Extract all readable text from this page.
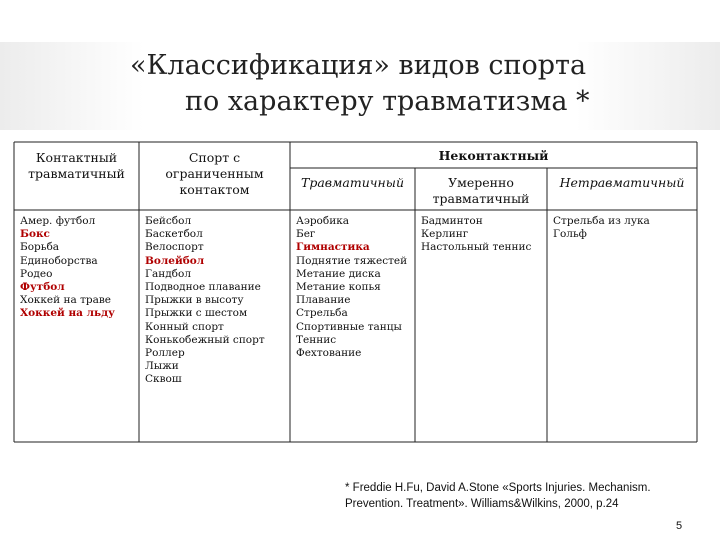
«Классификация» видов спорта
по характеру травматизма *
Контактный
травматичный
Спорт с
ограниченным
контактом
Неконтактный
Травматичный	Умеренно
травматичный
Нетравматичный
Амер. футбол
Бокс
Борьба
Единоборства
Родео
Футбол
Хоккей на траве
Хоккей на льду
Бейсбол
Баскетбол
Велоспорт
Волейбол
Гандбол
Подводное плавание
Прыжки в высоту
Прыжки с шестом
Конный спорт
Конькобежный спорт
Роллер
Лыжи
Сквош
Аэробика
Бег
Гимнастика
Поднятие тяжестей
Метание диска
Метание копья
Плавание
Стрельба
Спортивные танцы
Теннис
Фехтование
Бадминтон
Керлинг
Настольный теннис
Стрельба из лука
Гольф
* Freddie H.Fu, David A.Stone «Sports Injuries. Mechanism.
Prevention. Treatment». Williams&Wilkins, 2000, p.24
5
